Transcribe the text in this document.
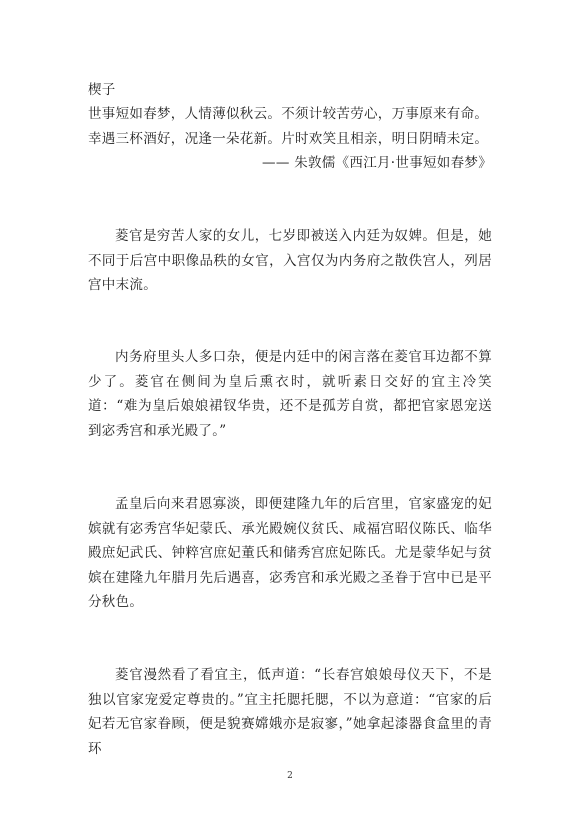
楔子
世事短如春梦，人情薄似秋云。不须计较苦劳心，万事原来有命。
幸遇三杯酒好，况逢一朵花新。片时欢笑且相亲，明日阴晴未定。
—— 朱敦儒《西江月·世事短如春梦》

菱官是穷苦人家的女儿，七岁即被送入内廷为奴婢。但是，她不同于后宫中职像品秩的女官，入宫仅为内务府之散佚宫人，列居宫中末流。

内务府里头人多口杂，便是内廷中的闲言落在菱官耳边都不算少了。菱官在侧间为皇后熏衣时，就听素日交好的宜主冷笑道：“难为皇后娘娘裙钗华贵，还不是孤芳自赏，都把官家恩宠送到宓秀宫和承光殿了。”

孟皇后向来君恩寡淡，即便建隆九年的后宫里，官家盛宠的妃嫔就有宓秀宫华妃蒙氏、承光殿婉仪贫氏、咸福宫昭仪陈氏、临华殿庶妃武氏、钟粹宫庶妃董氏和储秀宫庶妃陈氏。尤是蒙华妃与贫嫔在建隆九年腊月先后遇喜，宓秀宫和承光殿之圣眷于宫中已是平分秋色。

菱官漫然看了看宜主，低声道：“长春宫娘娘母仪天下，不是独以官家宠爱定尊贵的。”宜主托腮托腮，不以为意道：“官家的后妃若无官家眷顾，便是貌赛嫦娥亦是寂寥，”她拿起漆器食盒里的青环

2
